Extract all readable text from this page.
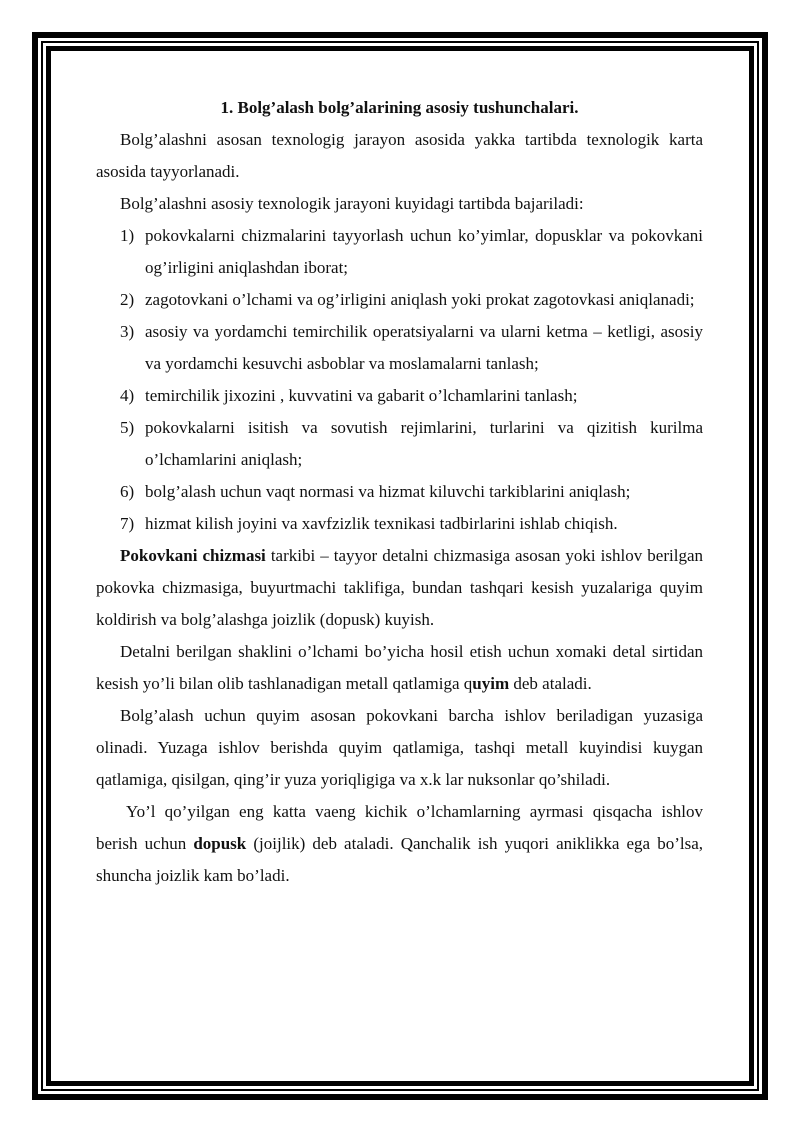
1. Bolg’alash bolg’alarining asosiy tushunchalari.

Bolg’alashni asosan texnologig jarayon asosida yakka tartibda texnologik karta asosida tayyorlanadi.

Bolg’alashni asosiy texnologik jarayoni kuyidagi tartibda bajariladi:

1) pokovkalarni chizmalarini tayyorlash uchun ko’yimlar, dopusklar va pokovkani og’irligini aniqlashdan iborat;
2) zagotovkani o’lchami va og’irligini aniqlash yoki prokat zagotovkasi aniqlanadi;
3) asosiy va yordamchi temirchilik operatsiyalarni va ularni ketma – ketligi, asosiy va yordamchi kesuvchi asboblar va moslamalarni tanlash;
4) temirchilik jixozini , kuvvatini va gabarit o’lchamlarini tanlash;
5) pokovkalarni isitish va sovutish rejimlarini, turlarini va qizitish kurilma o’lchamlarini aniqlash;
6) bolg’alash uchun vaqt normasi va hizmat kiluvchi tarkiblarini aniqlash;
7) hizmat kilish joyini va xavfzizlik texnikasi tadbirlarini ishlab chiqish.

Pokovkani chizmasi tarkibi – tayyor detalni chizmasiga asosan yoki ishlov berilgan pokovka chizmasiga, buyurtmachi taklifiga, bundan tashqari kesish yuzalariga quyim koldirish va bolg’alashga joizlik (dopusk) kuyish.

Detalni berilgan shaklini o’lchami bo’yicha hosil etish uchun xomaki detal sirtidan kesish yo’li bilan olib tashlanadigan metall qatlamiga quyim deb ataladi.

Bolg’alash uchun quyim asosan pokovkani barcha ishlov beriladigan yuzasiga olinadi. Yuzaga ishlov berishda quyim qatlamiga, tashqi metall kuyindisi kuygan qatlamiga, qisilgan, qing’ir yuza yoriqligiga va x.k lar nuksonlar qo’shiladi.

Yo’l qo’yilgan eng katta vaeng kichik o’lchamlarning ayrmasi qisqacha ishlov berish uchun dopusk (joijlik) deb ataladi. Qanchalik ish yuqori aniklikka ega bo’lsa, shuncha joizlik kam bo’ladi.
